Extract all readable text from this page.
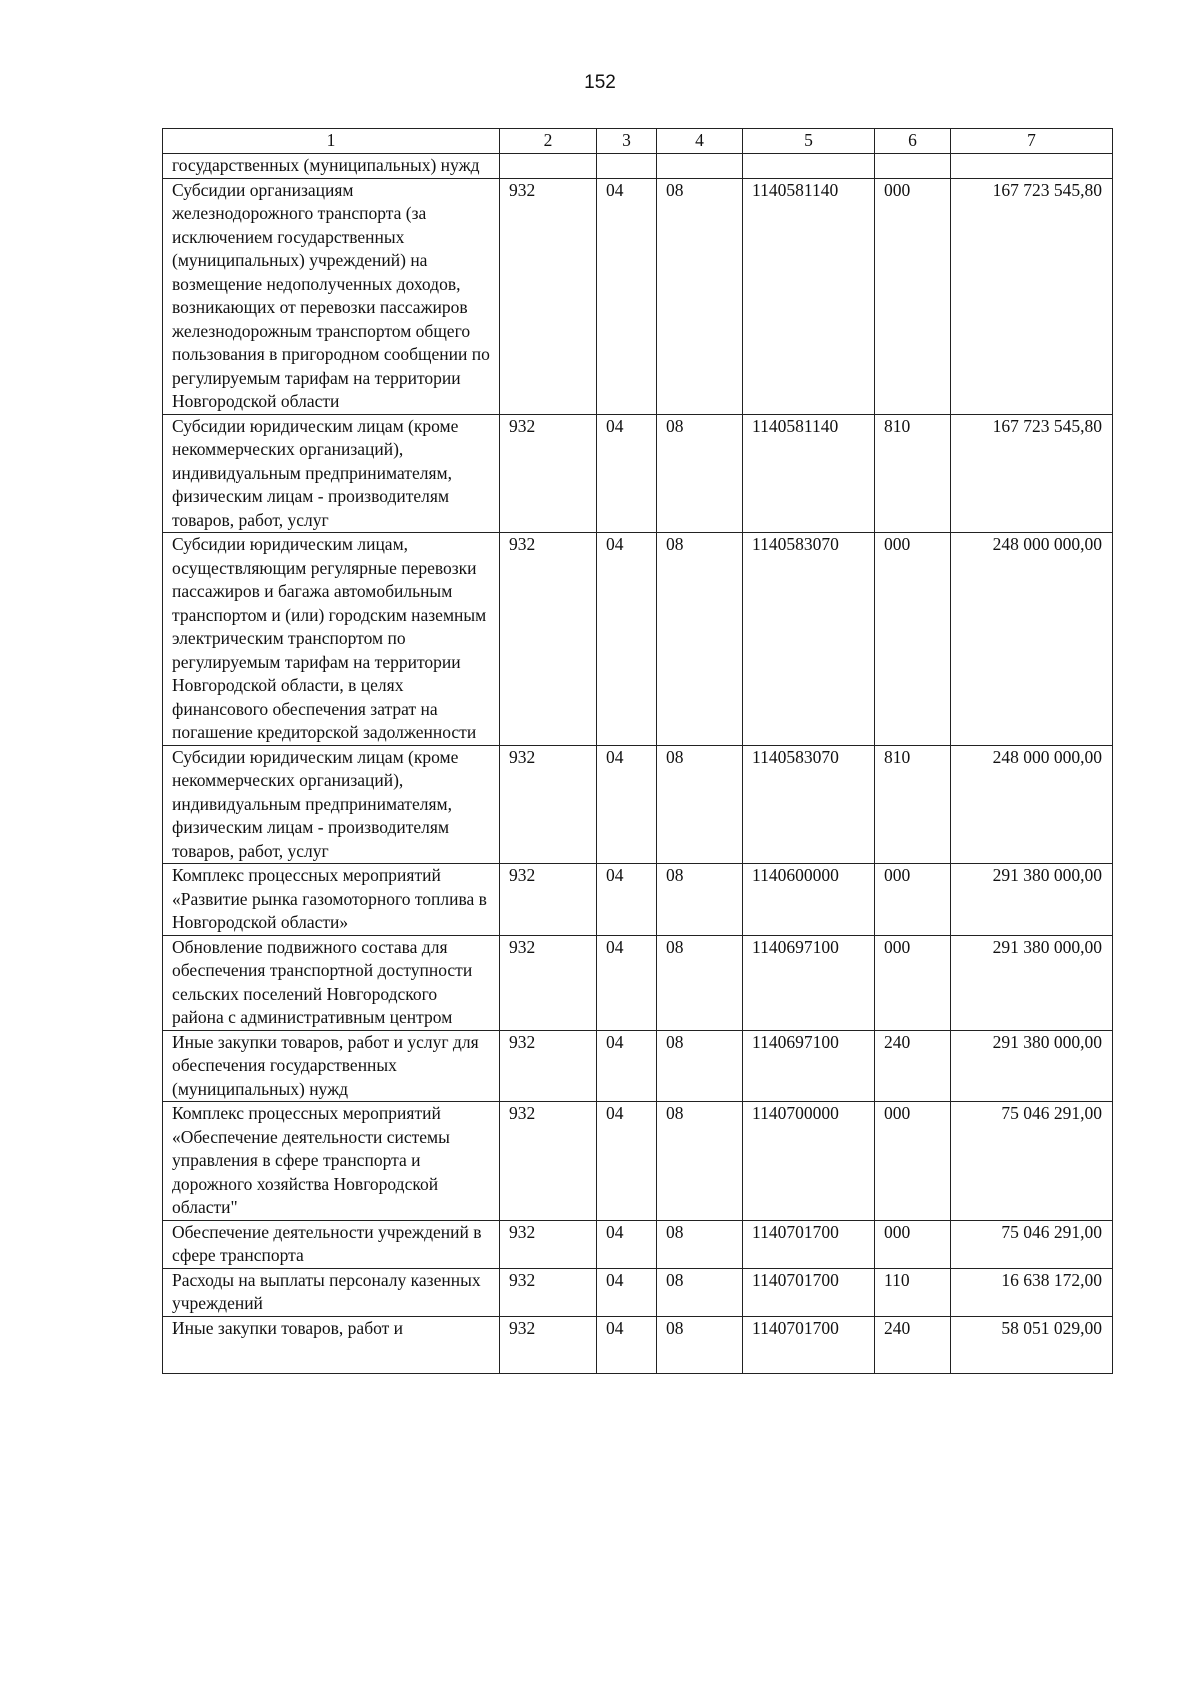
152
1	2	3	4	5	6	7
государственных (муниципальных) нужд						
Субсидии организациям железнодорожного транспорта (за исключением государственных (муниципальных) учреждений) на возмещение недополученных доходов, возникающих от перевозки пассажиров железнодорожным транспортом общего пользования в пригородном сообщении по регулируемым тарифам на территории Новгородской области	932	04	08	1140581140	000	167 723 545,80
Субсидии юридическим лицам (кроме некоммерческих организаций), индивидуальным предпринимателям, физическим лицам - производителям товаров, работ, услуг	932	04	08	1140581140	810	167 723 545,80
Субсидии юридическим лицам, осуществляющим регулярные перевозки пассажиров и багажа автомобильным транспортом и (или) городским наземным электрическим транспортом по регулируемым тарифам на территории Новгородской области, в целях финансового обеспечения затрат на погашение кредиторской задолженности	932	04	08	1140583070	000	248 000 000,00
Субсидии юридическим лицам (кроме некоммерческих организаций), индивидуальным предпринимателям, физическим лицам - производителям товаров, работ, услуг	932	04	08	1140583070	810	248 000 000,00
Комплекс процессных мероприятий «Развитие рынка газомоторного топлива в Новгородской области»	932	04	08	1140600000	000	291 380 000,00
Обновление подвижного состава для обеспечения транспортной доступности сельских поселений Новгородского района с административным центром	932	04	08	1140697100	000	291 380 000,00
Иные закупки товаров, работ и услуг для обеспечения государственных (муниципальных) нужд	932	04	08	1140697100	240	291 380 000,00
Комплекс процессных мероприятий «Обеспечение деятельности системы управления в сфере транспорта и дорожного хозяйства Новгородской области"	932	04	08	1140700000	000	75 046 291,00
Обеспечение деятельности учреждений в сфере транспорта	932	04	08	1140701700	000	75 046 291,00
Расходы на выплаты персоналу казенных учреждений	932	04	08	1140701700	110	16 638 172,00
Иные закупки товаров, работ и	932	04	08	1140701700	240	58 051 029,00
